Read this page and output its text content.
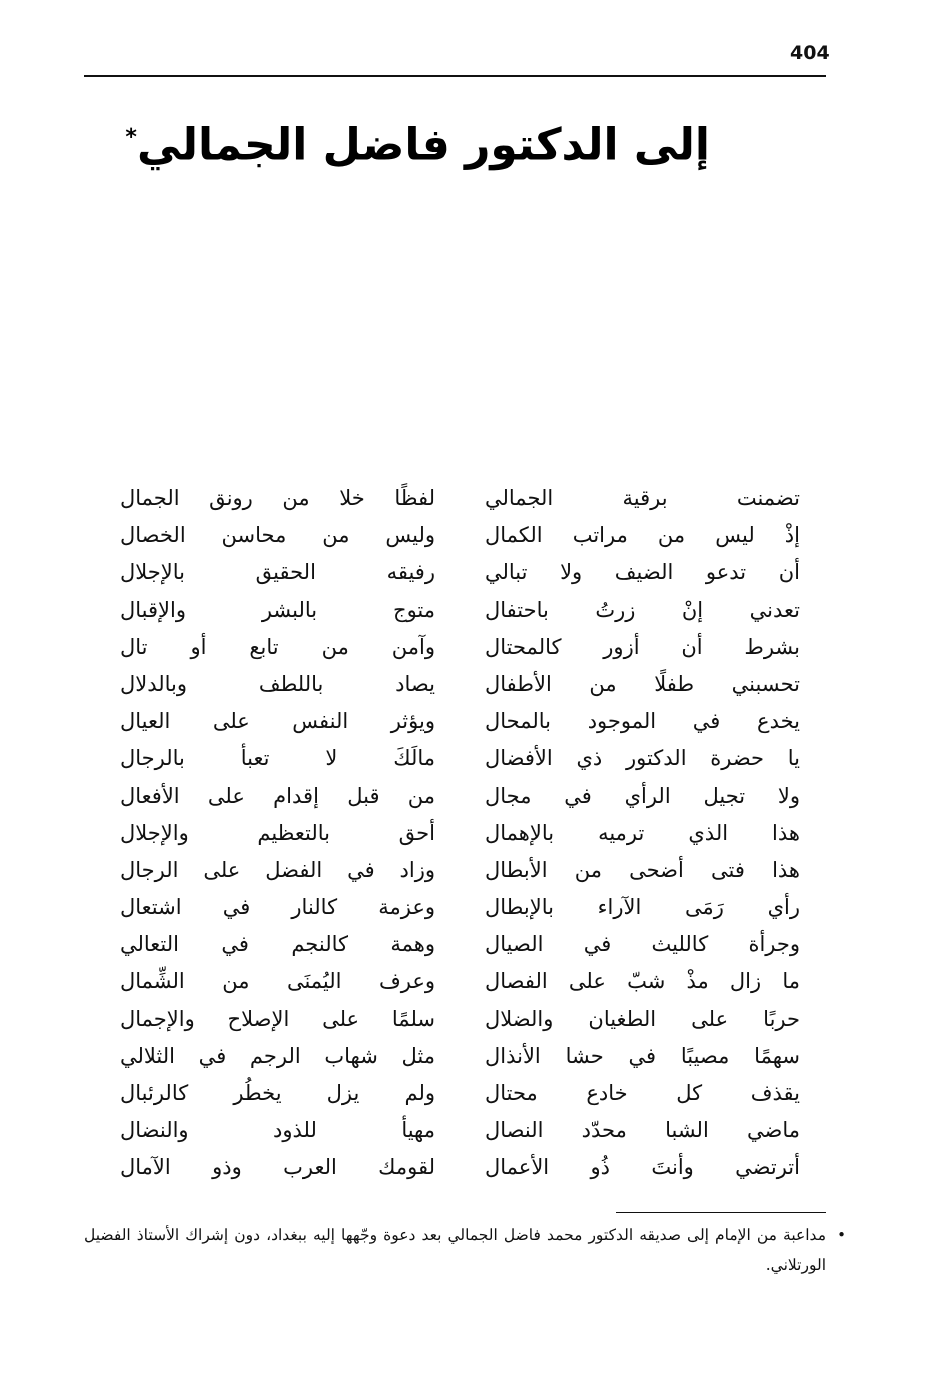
404
إلى الدكتور فاضل الجمالي*
تضمنت برقية الجمالي
لفظًا خلا من رونق الجمال
إذْ ليس من مراتب الكمال
وليس من محاسن الخصال
أن تدعو الضيف ولا تبالي
رفيقه الحقيق بالإجلال
تعدني إنْ زرتُ باحتفال
متوج بالبشر والإقبال
بشرط أن أزور كالمحتال
وآمن من تابع أو تال
تحسبني طفلًا من الأطفال
يصاد باللطف وبالدلال
يخدع في الموجود بالمحال
ويؤثر النفس على العيال
يا حضرة الدكتور ذي الأفضال
مالَكَ لا تعبأ بالرجال
ولا تجيل الرأي في مجال
من قبل إقدام على الأفعال
هذا الذي ترميه بالإهمال
أحق بالتعظيم والإجلال
هذا فتى أضحى من الأبطال
وزاد في الفضل على الرجال
رأي رَمَى الآراء بالإبطال
وعزمة كالنار في اشتعال
وجرأة كالليث في الصيال
وهمة كالنجم في التعالي
ما زال مذْ شبّ على الفصال
وعرف اليُمنَى من الشِّمال
حربًا على الطغيان والضلال
سلمًا على الإصلاح والإجمال
سهمًا مصيبًا في حشا الأنذال
مثل شهاب الرجم في الثلالي
يقذف كل خادع محتال
ولم يزل يخطُر كالرئبال
ماضي الشبا محدّد النصال
مهيأ للذود والنضال
أترتضي وأنتَ ذُو الأعمال
لقومك العرب وذو الآمال
•
مداعبة من الإمام إلى صديقه الدكتور محمد فاضل الجمالي بعد دعوة وجّهها إليه ببغداد، دون إشراك الأستاذ الفضيل الورتلاني.
